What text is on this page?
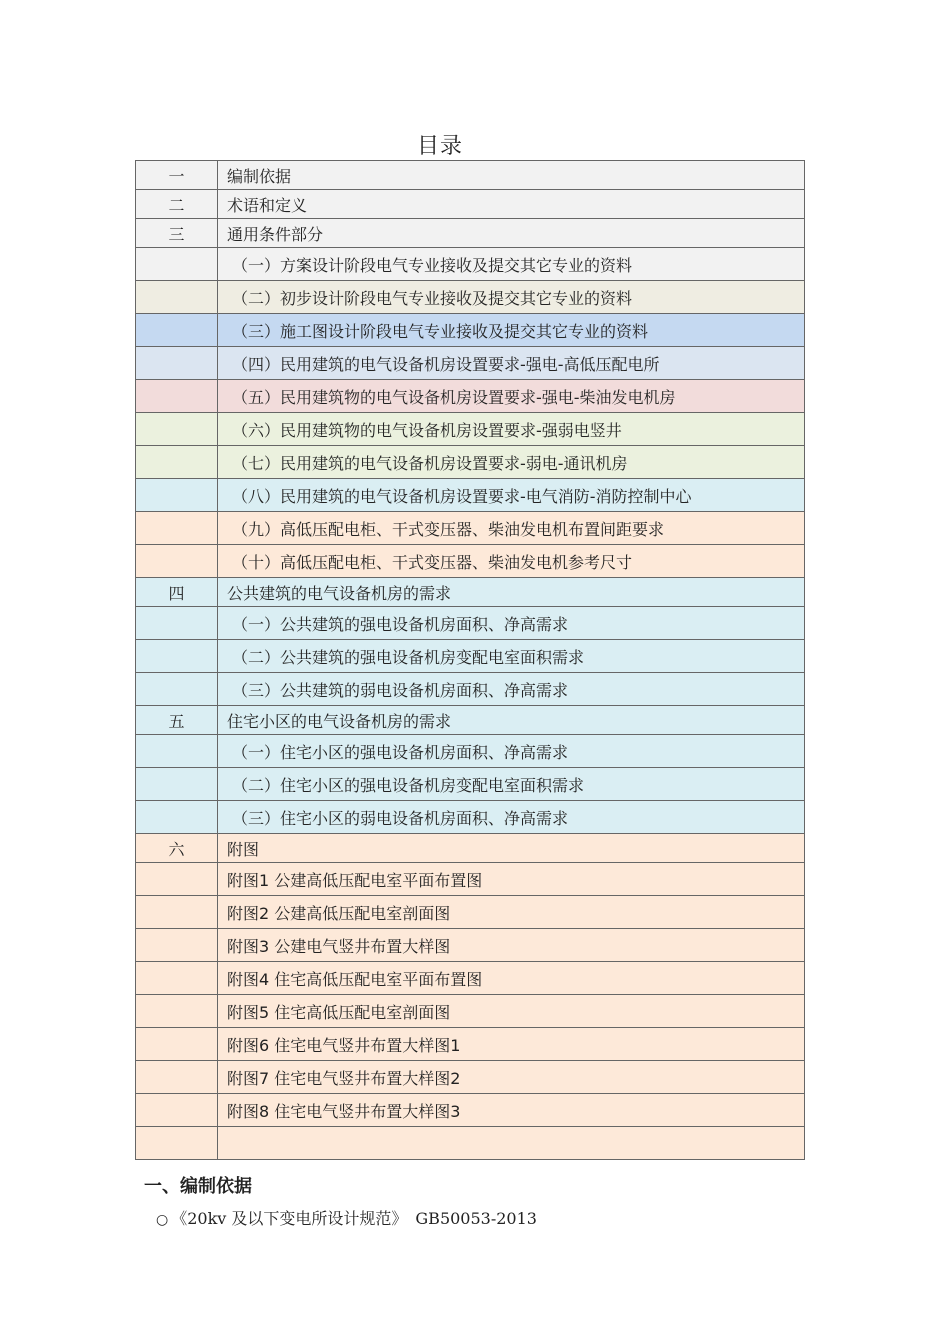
目录
一	编制依据
二	术语和定义
三	通用条件部分
	（一）方案设计阶段电气专业接收及提交其它专业的资料
	（二）初步设计阶段电气专业接收及提交其它专业的资料
	（三）施工图设计阶段电气专业接收及提交其它专业的资料
	（四）民用建筑的电气设备机房设置要求-强电-高低压配电所
	（五）民用建筑物的电气设备机房设置要求-强电-柴油发电机房
	（六）民用建筑物的电气设备机房设置要求-强弱电竖井
	（七）民用建筑的电气设备机房设置要求-弱电-通讯机房
	（八）民用建筑的电气设备机房设置要求-电气消防-消防控制中心
	（九）高低压配电柜、干式变压器、柴油发电机布置间距要求
	（十）高低压配电柜、干式变压器、柴油发电机参考尺寸
四	公共建筑的电气设备机房的需求
	（一）公共建筑的强电设备机房面积、净高需求
	（二）公共建筑的强电设备机房变配电室面积需求
	（三）公共建筑的弱电设备机房面积、净高需求
五	住宅小区的电气设备机房的需求
	（一）住宅小区的强电设备机房面积、净高需求
	（二）住宅小区的强电设备机房变配电室面积需求
	（三）住宅小区的弱电设备机房面积、净高需求
六	附图
	附图1 公建高低压配电室平面布置图
	附图2 公建高低压配电室剖面图
	附图3 公建电气竖井布置大样图
	附图4 住宅高低压配电室平面布置图
	附图5 住宅高低压配电室剖面图
	附图6 住宅电气竖井布置大样图1
	附图7 住宅电气竖井布置大样图2
	附图8 住宅电气竖井布置大样图3

一、编制依据
○ 《20kv 及以下变电所设计规范》　GB50053-2013
